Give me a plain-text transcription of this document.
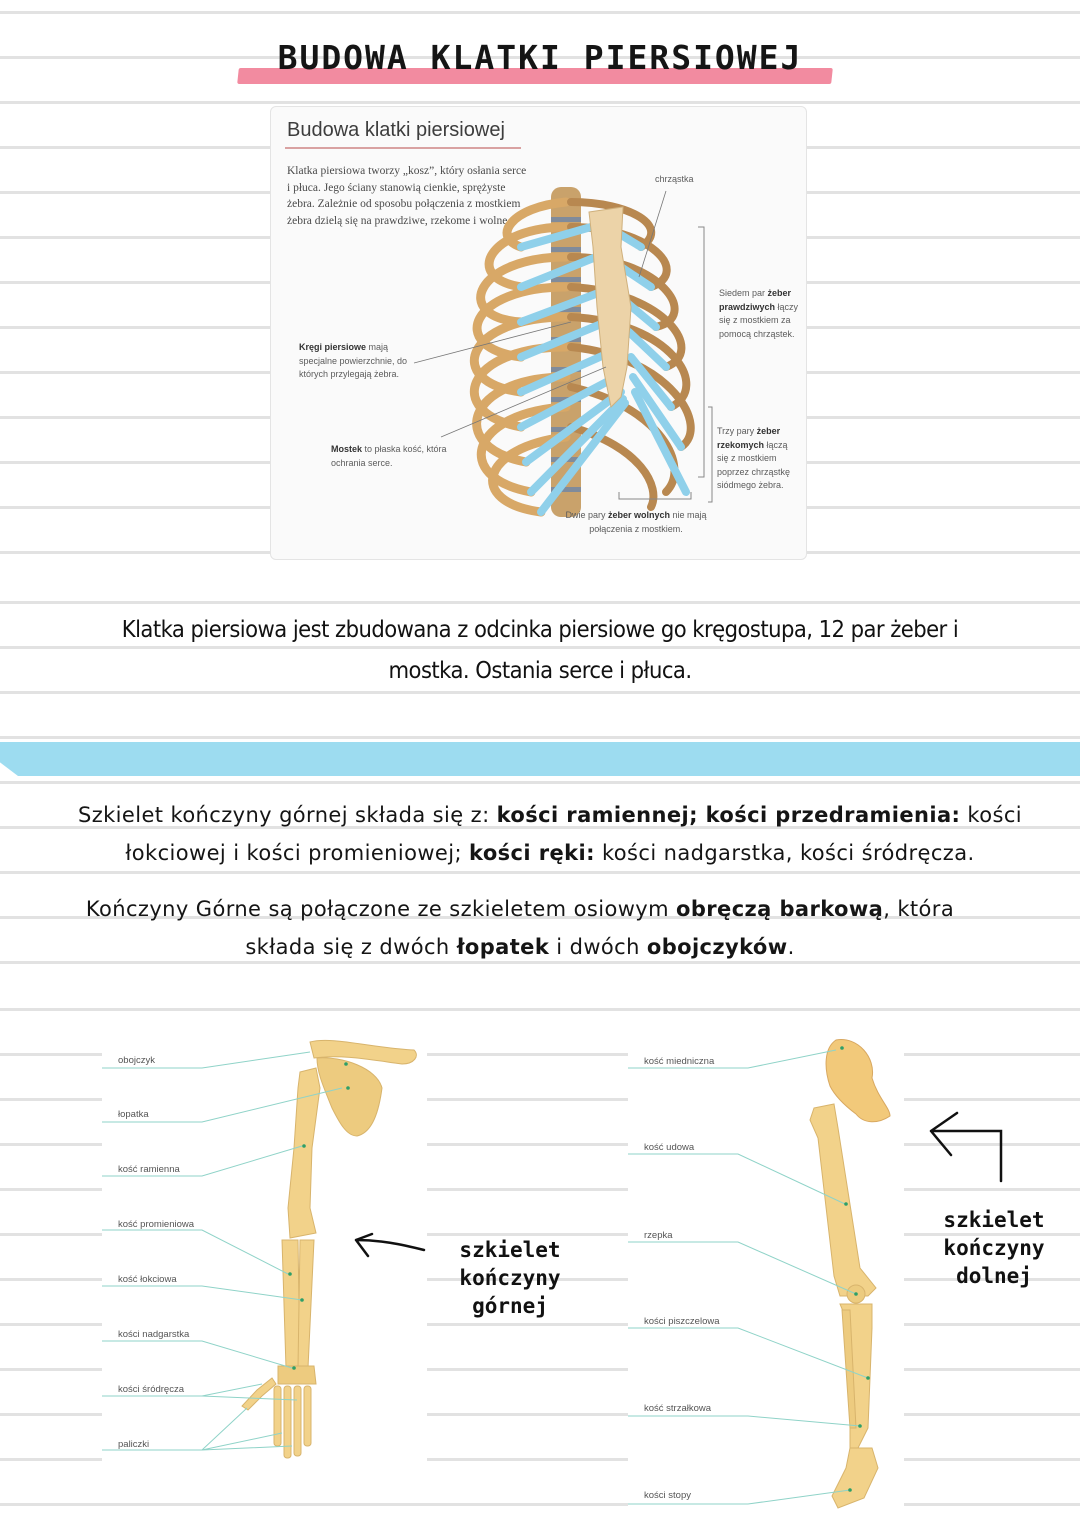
BUDOWA KLATKI PIERSIOWEJ
Budowa klatki piersiowej
Klatka piersiowa tworzy „kosz”, który osłania serce i płuca. Jego ściany stanowią cienkie, sprężyste żebra. Zależnie od sposobu połączenia z mostkiem żebra dzielą się na prawdziwe, rzekome i wolne.
Kręgi piersiowe mają specjalne powierzchnie, do których przylegają żebra.
Mostek to płaska kość, która ochrania serce.
chrząstka
Siedem par żeber prawdziwych łączy się z mostkiem za pomocą chrząstek.
Trzy pary żeber rzekomych łączą się z mostkiem poprzez chrząstkę siódmego żebra.
Dwie pary żeber wolnych nie mają połączenia z mostkiem.
Klatka piersiowa jest zbudowana z odcinka piersiowe go kręgostupa, 12 par żeber i
mostka. Ostania serce i płuca.
Szkielet kończyny górnej składa się z: kości ramiennej; kości przedramienia: kości łokciowej i kości promieniowej; kości ręki: kości nadgarstka, kości śródręcza.
Kończyny Górne są połączone ze szkieletem osiowym obręczą barkową, która składa się z dwóch łopatek i dwóch obojczyków.
obojczyk
łopatka
kość ramienna
kość promieniowa
kość łokciowa
kości nadgarstka
kości śródręcza
paliczki
szkielet
kończyny
górnej
kość miedniczna
kość udowa
rzepka
kości piszczelowa
kość strzałkowa
kości stopy
szkielet
kończyny
dolnej
